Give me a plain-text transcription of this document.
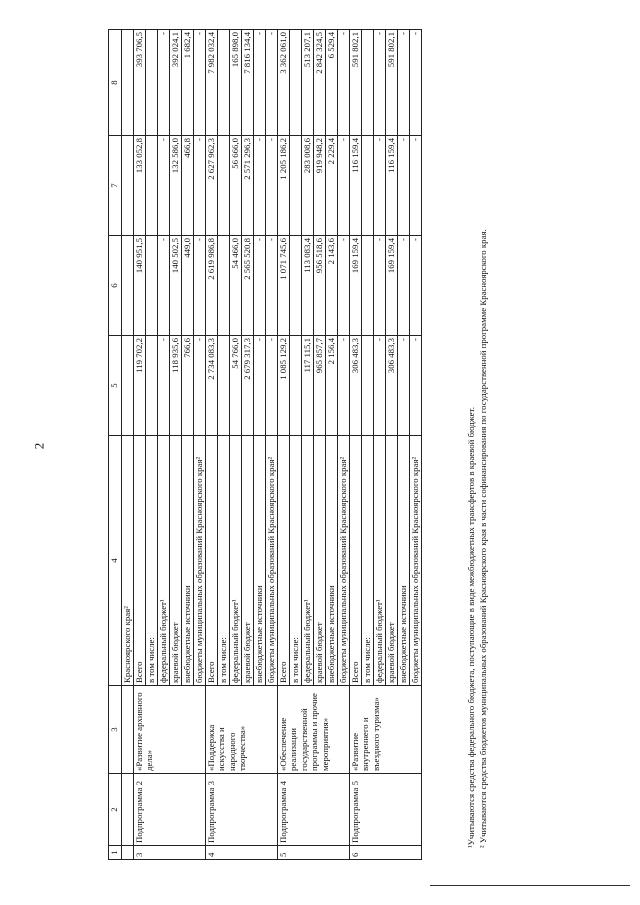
2
1	2	3	4	5	6	7	8
			Красноярского края²				
3	Подпрограмма 2	«Развитие архивного дела»	Всего	119 702,2	140 951,5	133 052,8	393 706,5
			в том числе:				
			федеральный бюджет¹	-	-	-	-
			краевой бюджет	118 935,6	140 502,5	132 586,0	392 024,1
			внебюджетные источники	766,6	449,0	466,8	1 682,4
			бюджеты муниципальных образований Красноярского края²	-	-	-	-
4	Подпрограмма 3	«Поддержка искусства и народного творчества»	Всего	2 734 083,3	2 619 986,8	2 627 962,3	7 982 032,4
			в том числе:				
			федеральный бюджет¹	54 766,0	54 466,0	56 666,0	165 898,0
			краевой бюджет	2 679 317,3	2 565 520,8	2 571 296,3	7 816 134,4
			внебюджетные источники	-	-	-	-
			бюджеты муниципальных образований Красноярского края²	-	-	-	-
5	Подпрограмма 4	«Обеспечение реализации государственной программы и прочие мероприятия»	Всего	1 085 129,2	1 071 745,6	1 205 186,2	3 362 061,0
			в том числе:				
			федеральный бюджет¹	117 115,1	113 083,4	283 008,6	513 207,1
			краевой бюджет	965 857,7	956 518,6	919 948,2	2 842 324,5
			внебюджетные источники	2 156,4	2 143,6	2 229,4	6 529,4
			бюджеты муниципальных образований Красноярского края²	-	-	-	-
6	Подпрограмма 5	«Развитие внутреннего и въездного туризма»	Всего	306 483,3	169 159,4	116 159,4	591 802,1
			в том числе:				
			федеральный бюджет¹	-	-	-	-
			краевой бюджет	306 483,3	169 159,4	116 159,4	591 802,1
			внебюджетные источники	-	-	-	-
			бюджеты муниципальных образований Красноярского края²	-	-	-	-

¹Учитываются средства федерального бюджета, поступающие в виде межбюджетных трансфертов в краевой бюджет. ² Учитываются средства бюджетов муниципальных образований Красноярского края в части софинансирования по государственной программе Красноярского края.
